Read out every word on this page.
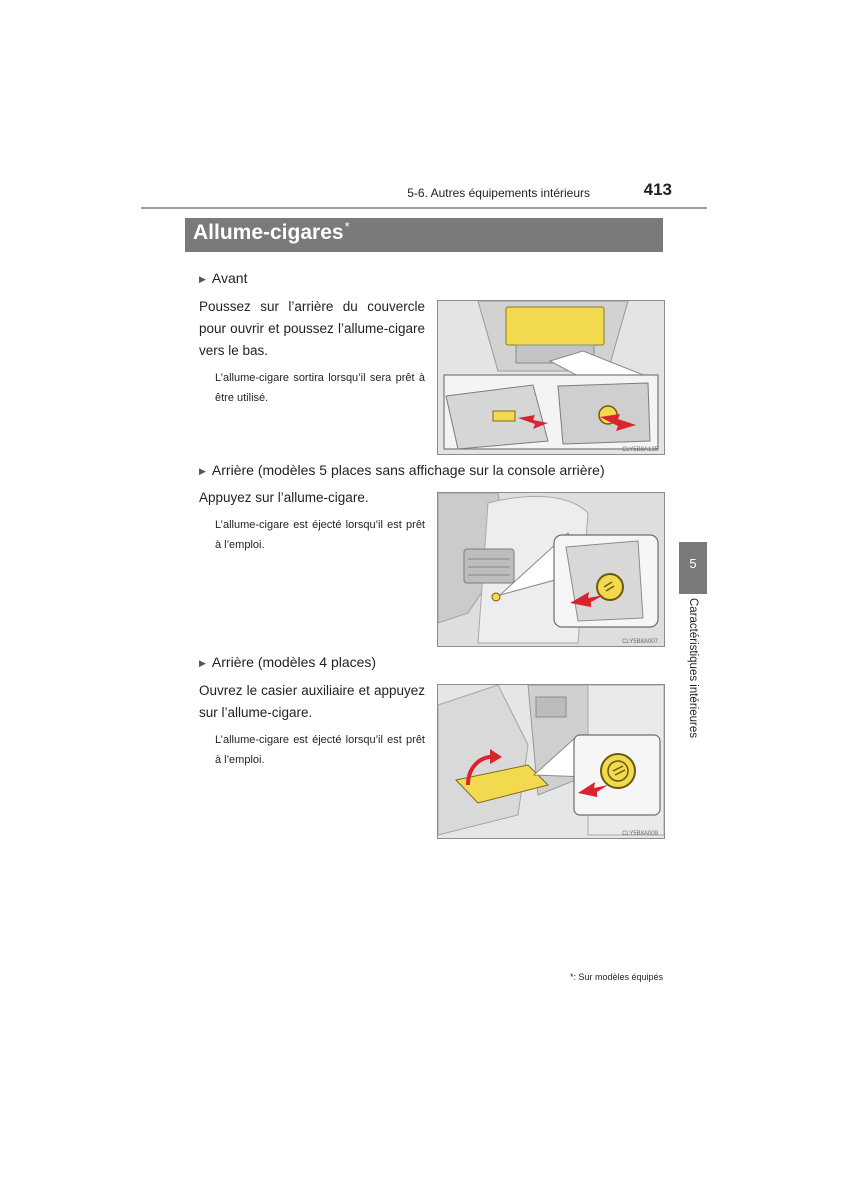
5-6. Autres équipements intérieurs	413
Allume-cigares*
▶ Avant
Poussez sur l’arrière du couvercle pour ouvrir et poussez l’allume-cigare vers le bas.
L’allume-cigare sortira lorsqu’il sera prêt à être utilisé.
CLY5B8A135
▶ Arrière (modèles 5 places sans affichage sur la console arrière)
Appuyez sur l’allume-cigare.
L’allume-cigare est éjecté lorsqu’il est prêt à l’emploi.
CLY5B8A007
▶ Arrière (modèles 4 places)
Ouvrez le casier auxiliaire et appuyez sur l’allume-cigare.
L’allume-cigare est éjecté lorsqu’il est prêt à l’emploi.
CLY5B8A009
5
Caractéristiques intérieures
*: Sur modèles équipés
